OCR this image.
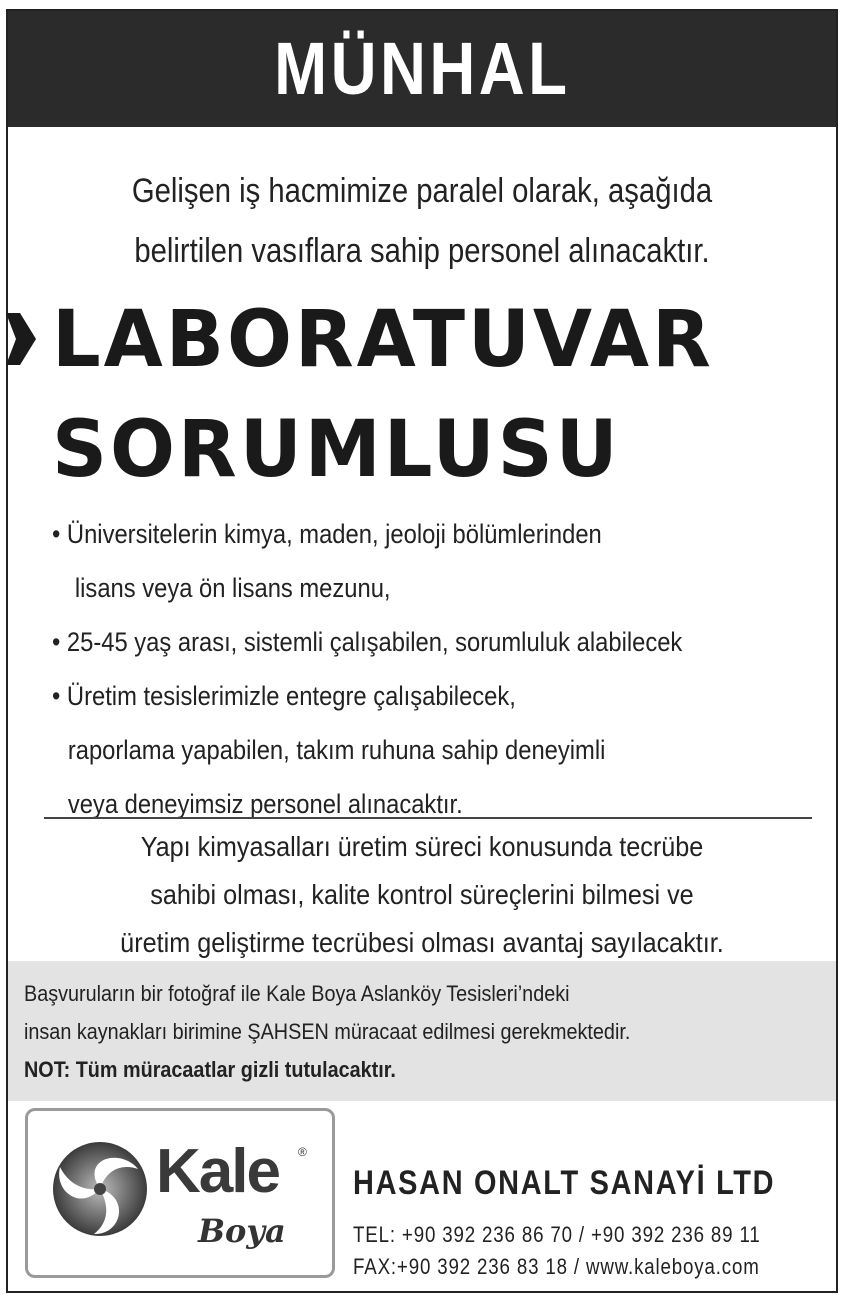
MÜNHAL
Gelişen iş hacmimize paralel olarak, aşağıda
belirtilen vasıflara sahip personel alınacaktır.
LABORATUVAR
SORUMLUSU
• Üniversitelerin kimya, maden, jeoloji bölümlerinden
lisans veya ön lisans mezunu,
• 25-45 yaş arası, sistemli çalışabilen, sorumluluk alabilecek
• Üretim tesislerimizle entegre çalışabilecek,
raporlama yapabilen, takım ruhuna sahip deneyimli
veya deneyimsiz personel alınacaktır.
Yapı kimyasalları üretim süreci konusunda tecrübe
sahibi olması, kalite kontrol süreçlerini bilmesi ve
üretim geliştirme tecrübesi olması avantaj sayılacaktır.
Başvuruların bir fotoğraf ile Kale Boya Aslanköy Tesisleri’ndeki
insan kaynakları birimine ŞAHSEN müracaat edilmesi gerekmektedir.
NOT: Tüm müracaatlar gizli tutulacaktır.
Kale ®
Boya
HASAN ONALT SANAYİ LTD
TEL: +90 392 236 86 70 / +90 392 236 89 11
FAX:+90 392 236 83 18 / www.kaleboya.com
